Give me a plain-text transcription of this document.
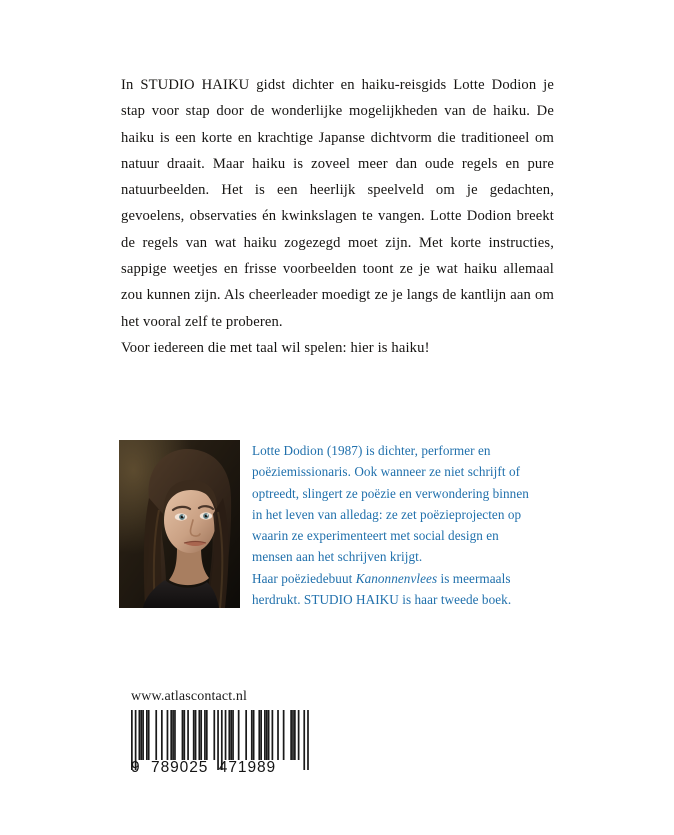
In STUDIO HAIKU gidst dichter en haiku-reisgids Lotte Dodion je stap voor stap door de wonderlijke mogelijkheden van de haiku. De haiku is een korte en krachtige Japanse dichtvorm die traditioneel om natuur draait. Maar haiku is zoveel meer dan oude regels en pure natuurbeelden. Het is een heerlijk speelveld om je gedachten, gevoelens, observaties én kwinkslagen te vangen. Lotte Dodion breekt de regels van wat haiku zogezegd moet zijn. Met korte instructies, sappige weetjes en frisse voorbeelden toont ze je wat haiku allemaal zou kunnen zijn. Als cheerleader moedigt ze je langs de kantlijn aan om het vooral zelf te proberen.

Voor iedereen die met taal wil spelen: hier is haiku!

Lotte Dodion (1987) is dichter, performer en poëziemissionaris. Ook wanneer ze niet schrijft of optreedt, slingert ze poëzie en verwondering binnen in het leven van alledag: ze zet poëzieprojecten op waarin ze experimenteert met social design en mensen aan het schrijven krijgt.

Haar poëziedebuut Kanonnenvlees is meermaals herdrukt. STUDIO HAIKU is haar tweede boek.

www.atlascontact.nl
9  789025  471989
